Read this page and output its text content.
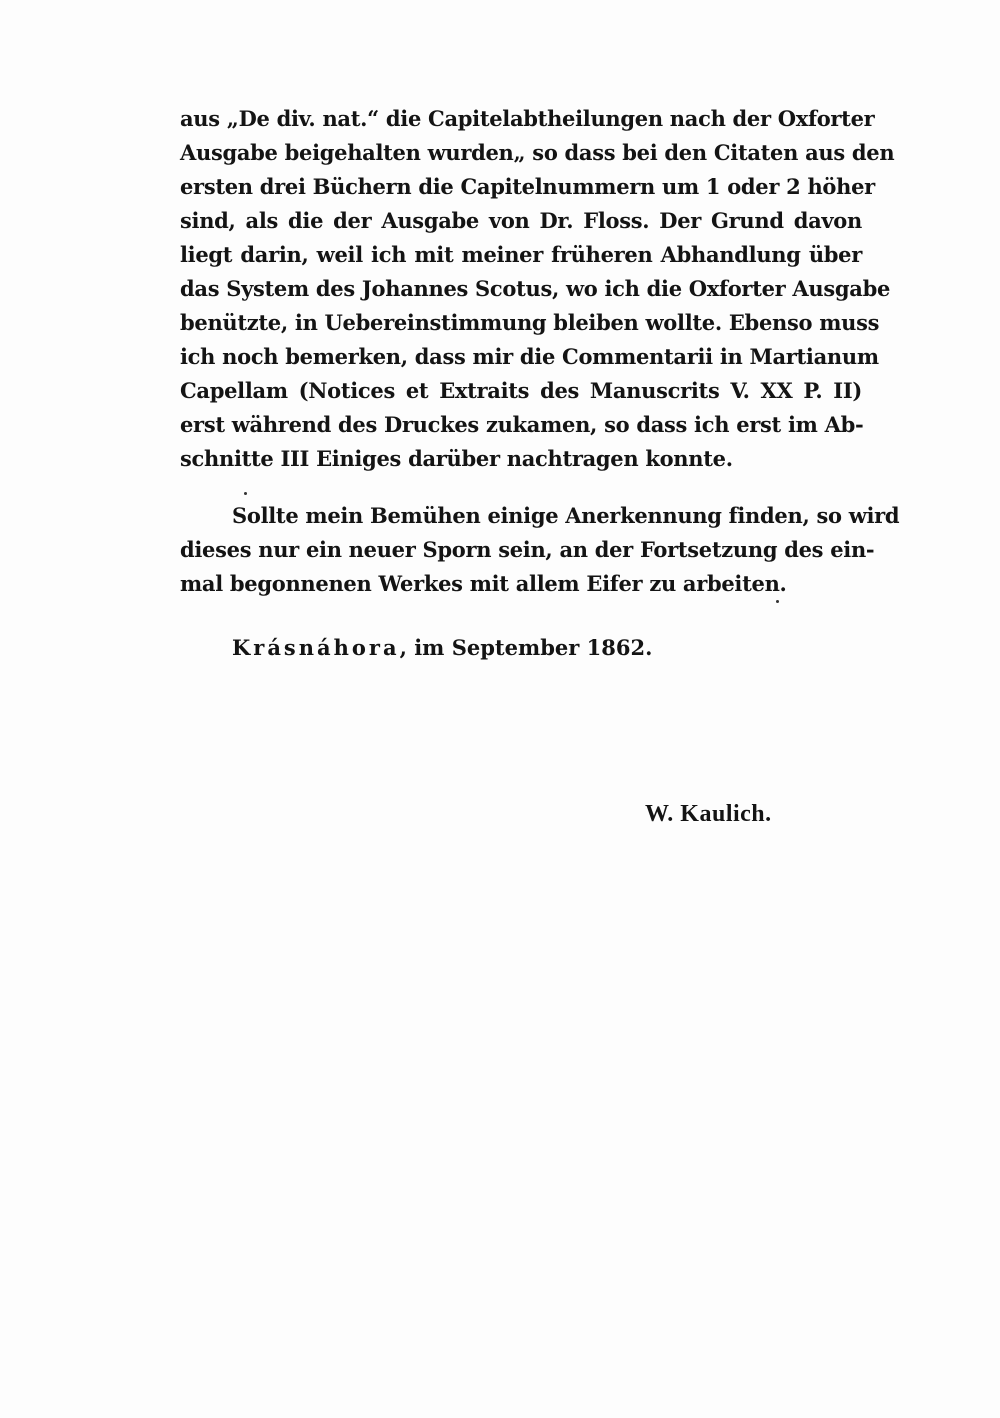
aus „De div. nat.“ die Capitelabtheilungen nach der Oxforter
Ausgabe beigehalten wurden„ so dass bei den Citaten aus den
ersten drei Büchern die Capitelnummern um 1 oder 2 höher
sind, als die der Ausgabe von Dr. Floss. Der Grund davon
liegt darin, weil ich mit meiner früheren Abhandlung über
das System des Johannes Scotus, wo ich die Oxforter Ausgabe
benützte, in Uebereinstimmung bleiben wollte. Ebenso muss
ich noch bemerken, dass mir die Commentarii in Martianum
Capellam (Notices et Extraits des Manuscrits V. XX P. II)
erst während des Druckes zukamen, so dass ich erst im Ab-
schnitte III Einiges darüber nachtragen konnte.
Sollte mein Bemühen einige Anerkennung finden, so wird
dieses nur ein neuer Sporn sein, an der Fortsetzung des ein-
mal begonnenen Werkes mit allem Eifer zu arbeiten.
Krásnáhora, im September 1862.
W. Kaulich.
